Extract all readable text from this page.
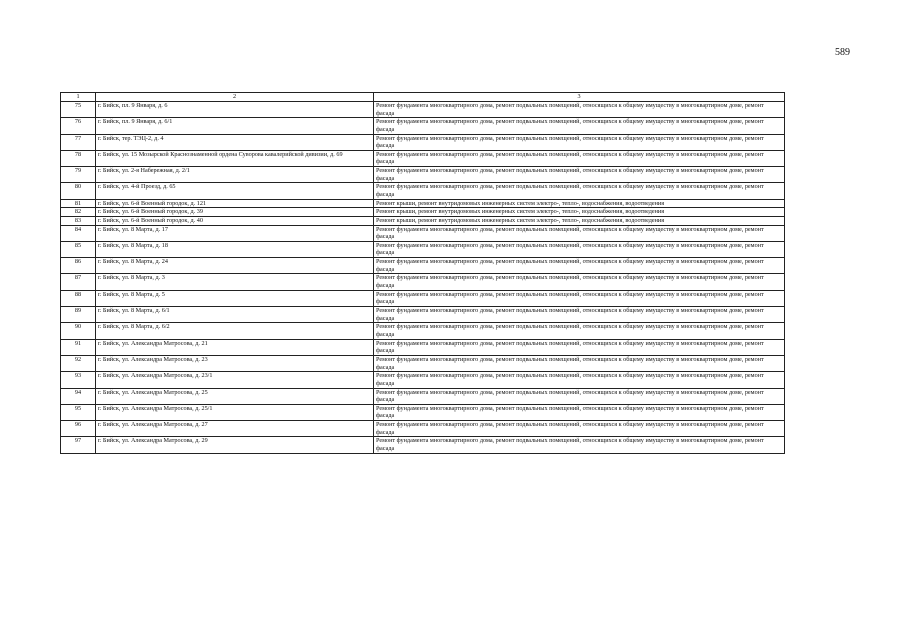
589
1	2	3
75	г. Бийск, пл. 9 Января, д. 6	Ремонт фундамента многоквартирного дома, ремонт подвальных помещений, относящихся к общему имуществу в многоквартирном доме, ремонт фасада
76	г. Бийск, пл. 9 Января, д. 6/1	Ремонт фундамента многоквартирного дома, ремонт подвальных помещений, относящихся к общему имуществу в многоквартирном доме, ремонт фасада
77	г. Бийск, тер. ТЭЦ-2, д. 4	Ремонт фундамента многоквартирного дома, ремонт подвальных помещений, относящихся к общему имуществу в многоквартирном доме, ремонт фасада
78	г. Бийск, ул. 15 Мозырской Краснознаменной ордена Суворова кавалерийской дивизии, д. 69	Ремонт фундамента многоквартирного дома, ремонт подвальных помещений, относящихся к общему имуществу в многоквартирном доме, ремонт фасада
79	г. Бийск, ул. 2-я Набережная, д. 2/1	Ремонт фундамента многоквартирного дома, ремонт подвальных помещений, относящихся к общему имуществу в многоквартирном доме, ремонт фасада
80	г. Бийск, ул. 4-й Проезд, д. 65	Ремонт фундамента многоквартирного дома, ремонт подвальных помещений, относящихся к общему имуществу в многоквартирном доме, ремонт фасада
81	г. Бийск, ул. 6-й Военный городок, д. 121	Ремонт крыши, ремонт внутридомовых инженерных систем электро-, тепло-, водоснабжения, водоотведения
82	г. Бийск, ул. 6-й Военный городок, д. 39	Ремонт крыши, ремонт внутридомовых инженерных систем электро-, тепло-, водоснабжения, водоотведения
83	г. Бийск, ул. 6-й Военный городок, д. 40	Ремонт крыши, ремонт внутридомовых инженерных систем электро-, тепло-, водоснабжения, водоотведения
84	г. Бийск, ул. 8 Марта, д. 17	Ремонт фундамента многоквартирного дома, ремонт подвальных помещений, относящихся к общему имуществу в многоквартирном доме, ремонт фасада
85	г. Бийск, ул. 8 Марта, д. 18	Ремонт фундамента многоквартирного дома, ремонт подвальных помещений, относящихся к общему имуществу в многоквартирном доме, ремонт фасада
86	г. Бийск, ул. 8 Марта, д. 24	Ремонт фундамента многоквартирного дома, ремонт подвальных помещений, относящихся к общему имуществу в многоквартирном доме, ремонт фасада
87	г. Бийск, ул. 8 Марта, д. 3	Ремонт фундамента многоквартирного дома, ремонт подвальных помещений, относящихся к общему имуществу в многоквартирном доме, ремонт фасада
88	г. Бийск, ул. 8 Марта, д. 5	Ремонт фундамента многоквартирного дома, ремонт подвальных помещений, относящихся к общему имуществу в многоквартирном доме, ремонт фасада
89	г. Бийск, ул. 8 Марта, д. 6/1	Ремонт фундамента многоквартирного дома, ремонт подвальных помещений, относящихся к общему имуществу в многоквартирном доме, ремонт фасада
90	г. Бийск, ул. 8 Марта, д. 6/2	Ремонт фундамента многоквартирного дома, ремонт подвальных помещений, относящихся к общему имуществу в многоквартирном доме, ремонт фасада
91	г. Бийск, ул. Александра Матросова, д. 21	Ремонт фундамента многоквартирного дома, ремонт подвальных помещений, относящихся к общему имуществу в многоквартирном доме, ремонт фасада
92	г. Бийск, ул. Александра Матросова, д. 23	Ремонт фундамента многоквартирного дома, ремонт подвальных помещений, относящихся к общему имуществу в многоквартирном доме, ремонт фасада
93	г. Бийск, ул. Александра Матросова, д. 23/1	Ремонт фундамента многоквартирного дома, ремонт подвальных помещений, относящихся к общему имуществу в многоквартирном доме, ремонт фасада
94	г. Бийск, ул. Александра Матросова, д. 25	Ремонт фундамента многоквартирного дома, ремонт подвальных помещений, относящихся к общему имуществу в многоквартирном доме, ремонт фасада
95	г. Бийск, ул. Александра Матросова, д. 25/1	Ремонт фундамента многоквартирного дома, ремонт подвальных помещений, относящихся к общему имуществу в многоквартирном доме, ремонт фасада
96	г. Бийск, ул. Александра Матросова, д. 27	Ремонт фундамента многоквартирного дома, ремонт подвальных помещений, относящихся к общему имуществу в многоквартирном доме, ремонт фасада
97	г. Бийск, ул. Александра Матросова, д. 29	Ремонт фундамента многоквартирного дома, ремонт подвальных помещений, относящихся к общему имуществу в многоквартирном доме, ремонт фасада
